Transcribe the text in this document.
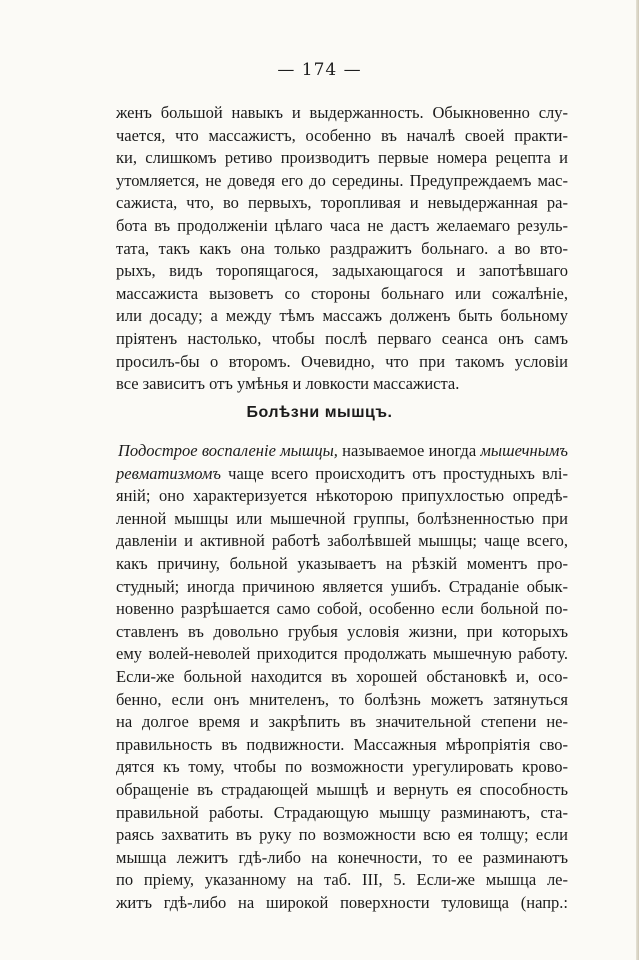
— 174 —
женъ большой навыкъ и выдержанность. Обыкновенно слу-
чается, что массажистъ, особенно въ началѣ своей практи-
ки, слишкомъ ретиво производитъ первые номера рецепта и
утомляется, не доведя его до середины. Предупреждаемъ мас-
сажиста, что, во первыхъ, торопливая и невыдержанная ра-
бота въ продолженіи цѣлаго часа не дастъ желаемаго резуль-
тата, такъ какъ она только раздражитъ больнаго. а во вто-
рыхъ, видъ торопящагося, задыхающагося и запотѣвшаго
массажиста вызоветъ со стороны больнаго или сожалѣніе,
или досаду; а между тѣмъ массажъ долженъ быть больному
пріятенъ настолько, чтобы послѣ перваго сеанса онъ самъ
просилъ-бы о второмъ. Очевидно, что при такомъ условіи
все зависитъ отъ умѣнья и ловкости массажиста.
Болѣзни мышцъ.
Подострое воспаленіе мышцы, называемое иногда мышечнымъ
ревматизмомъ чаще всего происходитъ отъ простудныхъ влі-
яній; оно характеризуется нѣкоторою припухлостью опредѣ-
ленной мышцы или мышечной группы, болѣзненностью при
давленіи и активной работѣ заболѣвшей мышцы; чаще всего,
какъ причину, больной указываетъ на рѣзкій моментъ про-
студный; иногда причиною является ушибъ. Страданіе обык-
новенно разрѣшается само собой, особенно если больной по-
ставленъ въ довольно грубыя условія жизни, при которыхъ
ему волей-неволей приходится продолжать мышечную работу.
Если-же больной находится въ хорошей обстановкѣ и, осо-
бенно, если онъ мнителенъ, то болѣзнь можетъ затянуться
на долгое время и закрѣпить въ значительной степени не-
правильность въ подвижности. Массажныя мѣропріятія сво-
дятся къ тому, чтобы по возможности урегулировать крово-
обращеніе въ страдающей мышцѣ и вернуть ея способность
правильной работы. Страдающую мышцу разминаютъ, ста-
раясь захватить въ руку по возможности всю ея толщу; если
мышца лежитъ гдѣ-либо на конечности, то ее разминаютъ
по пріему, указанному на таб. III, 5. Если-же мышца ле-
житъ гдѣ-либо на широкой поверхности туловища (напр.:
